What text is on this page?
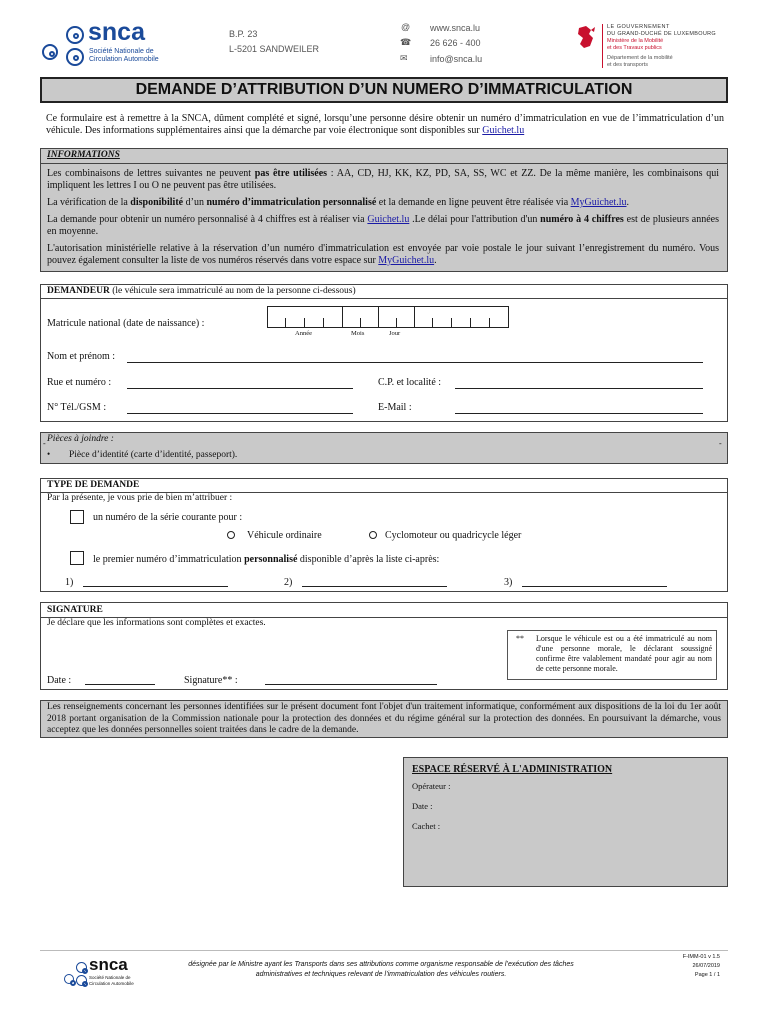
snca
Société Nationale de
Circulation Automobile
B.P. 23
L-5201 SANDWEILER
@
☎
✉
www.snca.lu
26 626 - 400
info@snca.lu
LE GOUVERNEMENT
DU GRAND-DUCHÉ DE LUXEMBOURG
Ministère de la Mobilité
et des Travaux publics
Département de la mobilité
et des transports
DEMANDE D’ATTRIBUTION D’UN NUMERO D’IMMATRICULATION
Ce formulaire est à remettre à la SNCA, dûment complété et signé, lorsqu’une personne désire obtenir un numéro d’immatriculation en vue de l’immatriculation d’un véhicule. Des informations supplémentaires ainsi que la démarche par voie électronique sont disponibles sur Guichet.lu
INFORMATIONS

Les combinaisons de lettres suivantes ne peuvent pas être utilisées : AA, CD, HJ, KK, KZ, PD, SA, SS, WC et ZZ. De la même manière, les combinaisons qui impliquent les lettres I ou O ne peuvent pas être utilisées.

La vérification de la disponibilité d’un numéro d’immatriculation personnalisé et la demande en ligne peuvent être réalisée via MyGuichet.lu.

La demande pour obtenir un numéro personnalisé à 4 chiffres est à réaliser via Guichet.lu .Le délai pour l'attribution d'un numéro à 4 chiffres est de plusieurs années en moyenne.

L'autorisation ministérielle relative à la réservation d’un numéro d'immatriculation est envoyée par voie postale le jour suivant l’enregistrement du numéro. Vous pouvez également consulter la liste de vos numéros réservés dans votre espace sur MyGuichet.lu.

DEMANDEUR (le véhicule sera immatriculé au nom de la personne ci-dessous)
Matricule national (date de naissance) :
Année	Mois	Jour
Nom et prénom :
Rue et numéro :	C.P. et localité :
N° Tél./GSM :	E-Mail :
Pièces à joindre :
• Pièce d’identité (carte d’identité, passeport).
-	-
TYPE DE DEMANDE
Par la présente, je vous prie de bien m’attribuer :
un numéro de la série courante pour :
Véhicule ordinaire	Cyclomoteur ou quadricycle léger
le premier numéro d’immatriculation personnalisé disponible d’après la liste ci-après:
1)	2)	3)
SIGNATURE
Je déclare que les informations sont complètes et exactes.
Date :	Signature** :
** Lorsque le véhicule est ou a été immatriculé au nom d'une personne morale, le déclarant soussigné confirme être valablement mandaté pour agir au nom de cette personne morale.
Les renseignements concernant les personnes identifiées sur le présent document font l'objet d'un traitement informatique, conformément aux dispositions de la loi du 1er août 2018 portant organisation de la Commission nationale pour la protection des données et du régime général sur la protection des données. En poursuivant la démarche, vous acceptez que les données personnelles soient traitées dans le cadre de la demande.
ESPACE RÉSERVÉ À L'ADMINISTRATION
Opérateur :
Date :
Cachet :
snca
Société Nationale de
Circulation Automobile
désignée par le Ministre ayant les Transports dans ses attributions comme organisme responsable de l’exécution des tâches administratives et techniques relevant de l’immatriculation des véhicules routiers.
F-IMM-01 v 1.5
26/07/2019
Page 1 / 1
